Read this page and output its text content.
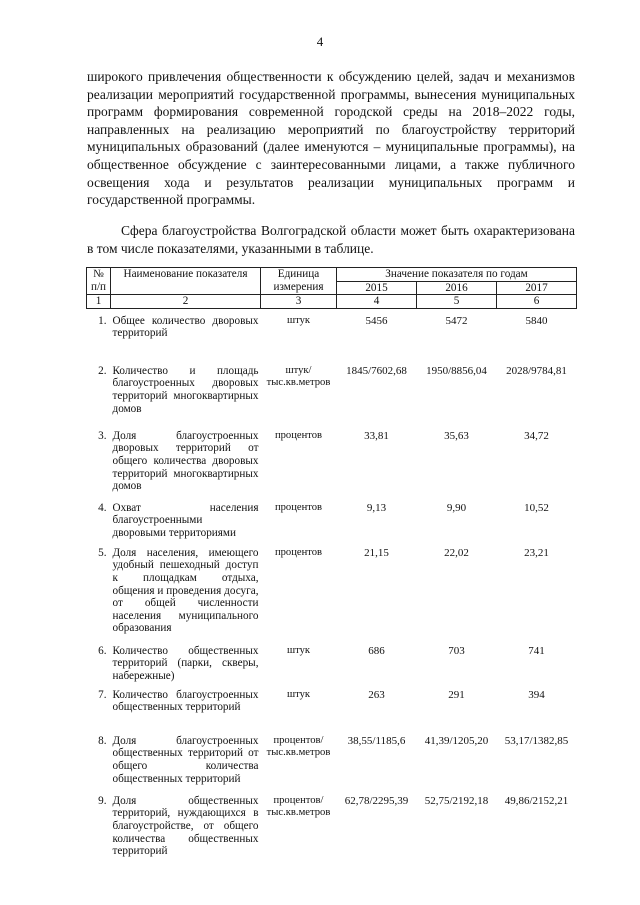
4

широкого привлечения общественности к обсуждению целей, задач и механизмов реализации мероприятий государственной программы, вынесения муниципальных программ формирования современной городской среды на 2018–2022 годы, направленных на реализацию мероприятий по благоустройству территорий муниципальных образований (далее именуются – муниципальные программы), на общественное обсуждение с заинтересованными лицами, а также публичного освещения хода и результатов реализации муниципальных программ и государственной программы.

Сфера благоустройства Волгоградской области может быть охарактеризована в том числе показателями, указанными в таблице.

№ п/п	Наименование показателя	Единица измерения	Значение показателя по годам		
			2015	2016	2017
1	2	3	4	5	6

1.	Общее количество дворовых территорий	штук	5456	5472	5840
2.	Количество и площадь благоустроенных дворовых территорий многоквартирных домов	штук/ тыс.кв.метров	1845/7602,68	1950/8856,04	2028/9784,81
3.	Доля благоустроенных дворовых территорий от общего количества дворовых территорий многоквартирных домов	процентов	33,81	35,63	34,72
4.	Охват населения благоустроенными дворовыми территориями	процентов	9,13	9,90	10,52
5.	Доля населения, имеющего удобный пешеходный доступ к площадкам отдыха, общения и проведения досуга, от общей численности населения муниципального образования	процентов	21,15	22,02	23,21
6.	Количество общественных территорий (парки, скверы, набережные)	штук	686	703	741
7.	Количество благоустроенных общественных территорий	штук	263	291	394
8.	Доля благоустроенных общественных территорий от общего количества общественных территорий	процентов/ тыс.кв.метров	38,55/1185,6	41,39/1205,20	53,17/1382,85
9.	Доля общественных территорий, нуждающихся в благоустройстве, от общего количества общественных территорий	процентов/ тыс.кв.метров	62,78/2295,39	52,75/2192,18	49,86/2152,21
